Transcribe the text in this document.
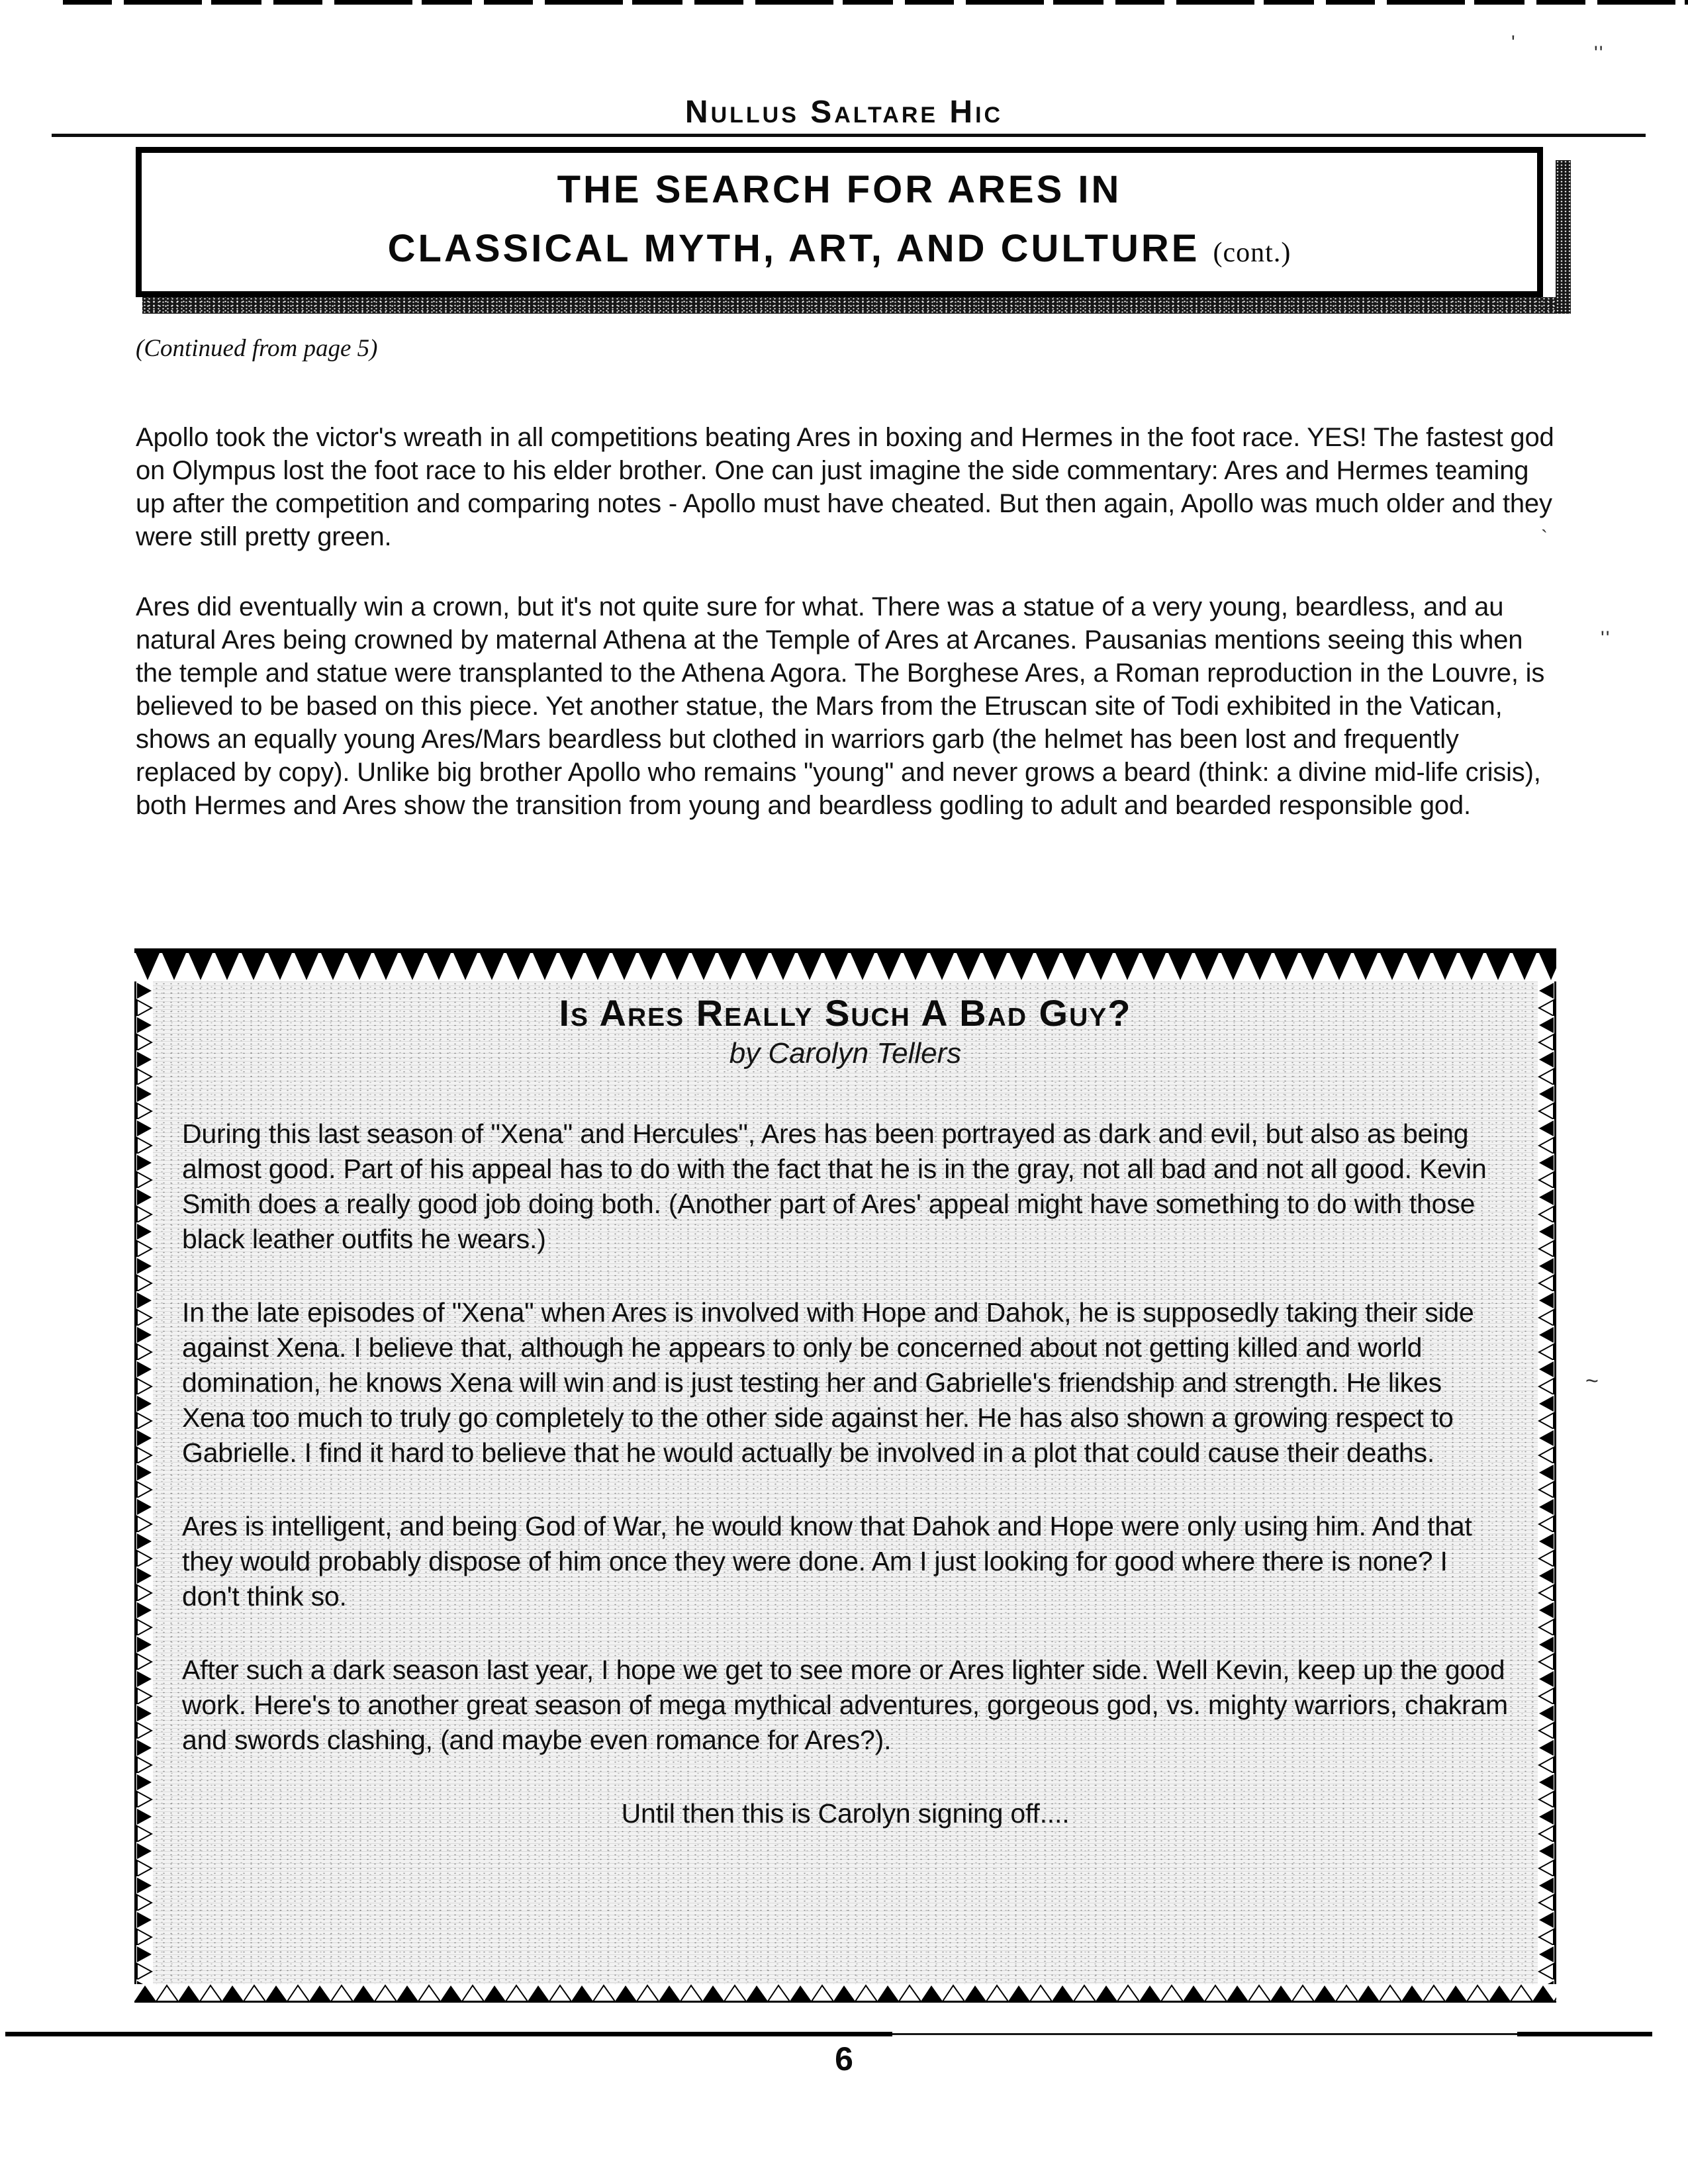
Nullus Saltare Hic
THE SEARCH FOR ARES IN
CLASSICAL MYTH, ART, AND CULTURE (cont.)
(Continued from page 5)

Apollo took the victor's wreath in all competitions beating Ares in boxing and Hermes in the foot race. YES! The fastest god on Olympus lost the foot race to his elder brother. One can just imagine the side commentary: Ares and Hermes teaming up after the competition and comparing notes - Apollo must have cheated. But then again, Apollo was much older and they were still pretty green.

Ares did eventually win a crown, but it's not quite sure for what. There was a statue of a very young, beardless, and au natural Ares being crowned by maternal Athena at the Temple of Ares at Arcanes. Pausanias mentions seeing this when the temple and statue were transplanted to the Athena Agora. The Borghese Ares, a Roman reproduction in the Louvre, is believed to be based on this piece. Yet another statue, the Mars from the Etruscan site of Todi exhibited in the Vatican, shows an equally young Ares/Mars beardless but clothed in warriors garb (the helmet has been lost and frequently replaced by copy). Unlike big brother Apollo who remains "young" and never grows a beard (think: a divine mid-life crisis), both Hermes and Ares show the transition from young and beardless godling to adult and bearded responsible god.

Is Ares Really Such A Bad Guy?
by Carolyn Tellers

During this last season of "Xena" and Hercules", Ares has been portrayed as dark and evil, but also as being almost good. Part of his appeal has to do with the fact that he is in the gray, not all bad and not all good. Kevin Smith does a really good job doing both. (Another part of Ares' appeal might have something to do with those black leather outfits he wears.)

In the late episodes of "Xena" when Ares is involved with Hope and Dahok, he is supposedly taking their side against Xena. I believe that, although he appears to only be concerned about not getting killed and world domination, he knows Xena will win and is just testing her and Gabrielle's friendship and strength. He likes Xena too much to truly go completely to the other side against her. He has also shown a growing respect to Gabrielle. I find it hard to believe that he would actually be involved in a plot that could cause their deaths.

Ares is intelligent, and being God of War, he would know that Dahok and Hope were only using him. And that they would probably dispose of him once they were done. Am I just looking for good where there is none? I don't think so.

After such a dark season last year, I hope we get to see more or Ares lighter side. Well Kevin, keep up the good work. Here's to another great season of mega mythical adventures, gorgeous god, vs. mighty warriors, chakram and swords clashing, (and maybe even romance for Ares?).

Until then this is Carolyn signing off....
6
'	''
`
''
~
